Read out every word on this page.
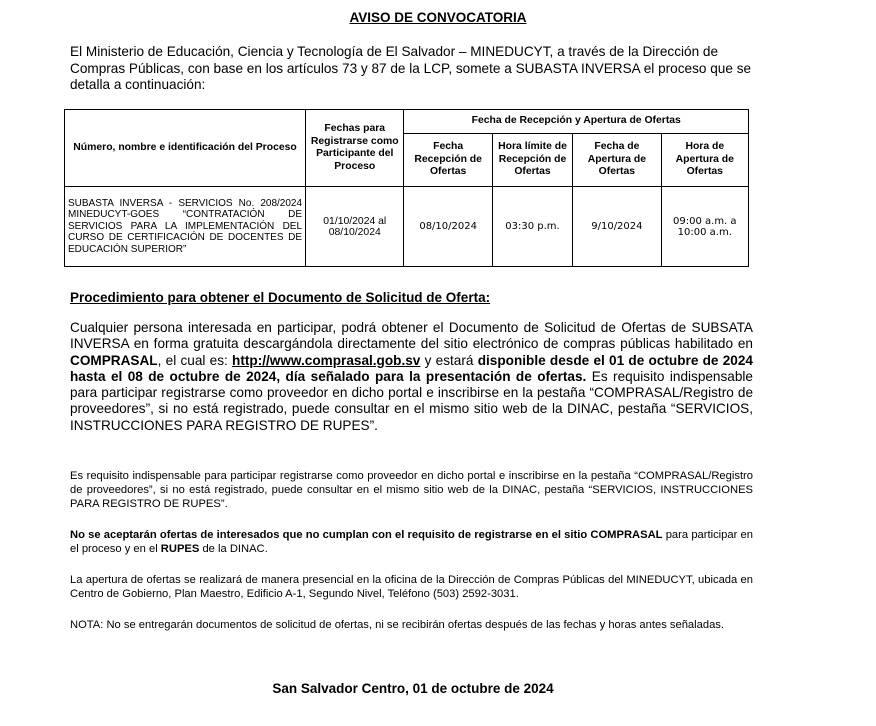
AVISO DE CONVOCATORIA
El Ministerio de Educación, Ciencia y Tecnología de El Salvador – MINEDUCYT, a través de la Dirección de Compras Públicas, con base en los artículos 73 y 87 de la LCP, somete a SUBASTA INVERSA el proceso que se detalla a continuación:
Número, nombre e identificación del Proceso	Fechas para Registrarse como Participante del Proceso	Fecha de Recepción y Apertura de Ofertas			
		Fecha Recepción de Ofertas	Hora límite de Recepción de Ofertas	Fecha de Apertura de Ofertas	Hora de Apertura de Ofertas
SUBASTA INVERSA - SERVICIOS No. 208/2024 MINEDUCYT-GOES “CONTRATACIÓN DE SERVICIOS PARA LA IMPLEMENTACIÓN DEL CURSO DE CERTIFICACIÓN DE DOCENTES DE EDUCACIÓN SUPERIOR”	01/10/2024 al 08/10/2024	08/10/2024	03:30 p.m.	9/10/2024	09:00 a.m. a 10:00 a.m.
Procedimiento para obtener el Documento de Solicitud de Oferta:
Cualquier persona interesada en participar, podrá obtener el Documento de Solicitud de Ofertas de SUBSATA INVERSA en forma gratuita descargándola directamente del sitio electrónico de compras públicas habilitado en COMPRASAL, el cual es: http://www.comprasal.gob.sv y estará disponible desde el 01 de octubre de 2024 hasta el 08 de octubre de 2024, día señalado para la presentación de ofertas. Es requisito indispensable para participar registrarse como proveedor en dicho portal e inscribirse en la pestaña “COMPRASAL/Registro de proveedores”, si no está registrado, puede consultar en el mismo sitio web de la DINAC, pestaña “SERVICIOS, INSTRUCCIONES PARA REGISTRO DE RUPES”.
Es requisito indispensable para participar registrarse como proveedor en dicho portal e inscribirse en la pestaña “COMPRASAL/Registro de proveedores”, si no está registrado, puede consultar en el mismo sitio web de la DINAC, pestaña “SERVICIOS, INSTRUCCIONES PARA REGISTRO DE RUPES”.
No se aceptarán ofertas de interesados que no cumplan con el requisito de registrarse en el sitio COMPRASAL para participar en el proceso y en el RUPES de la DINAC.
La apertura de ofertas se realizará de manera presencial en la oficina de la Dirección de Compras Públicas del MINEDUCYT, ubicada en Centro de Gobierno, Plan Maestro, Edificio A-1, Segundo Nivel, Teléfono (503) 2592-3031.
NOTA: No se entregarán documentos de solicitud de ofertas, ni se recibirán ofertas después de las fechas y horas antes señaladas.
San Salvador Centro, 01 de octubre de 2024
